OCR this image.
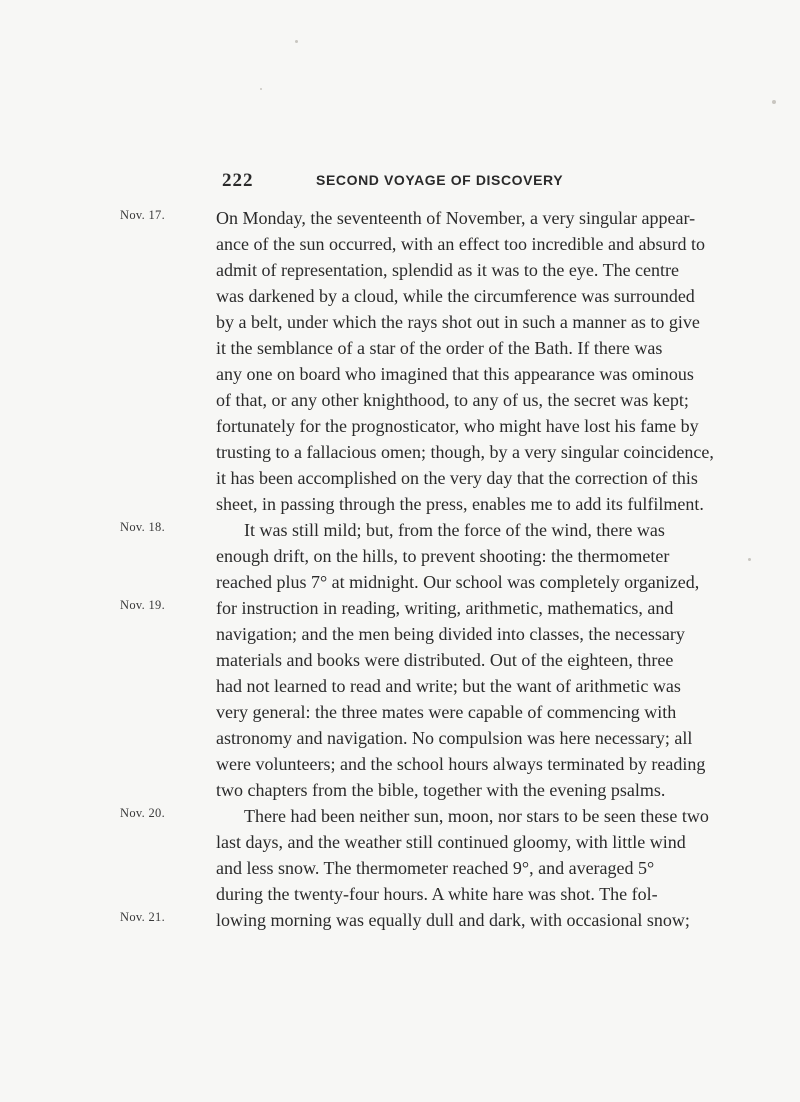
222	SECOND VOYAGE OF DISCOVERY
Nov. 17.
Nov. 18.
Nov. 19.
Nov. 20.
Nov. 21.
On Monday, the seventeenth of November, a very singular appear-
ance of the sun occurred, with an effect too incredible and absurd to
admit of representation, splendid as it was to the eye. The centre
was darkened by a cloud, while the circumference was surrounded
by a belt, under which the rays shot out in such a manner as to give
it the semblance of a star of the order of the Bath. If there was
any one on board who imagined that this appearance was ominous
of that, or any other knighthood, to any of us, the secret was kept;
fortunately for the prognosticator, who might have lost his fame by
trusting to a fallacious omen; though, by a very singular coincidence,
it has been accomplished on the very day that the correction of this
sheet, in passing through the press, enables me to add its fulfilment.
It was still mild; but, from the force of the wind, there was
enough drift, on the hills, to prevent shooting: the thermometer
reached plus 7° at midnight. Our school was completely organized,
for instruction in reading, writing, arithmetic, mathematics, and
navigation; and the men being divided into classes, the necessary
materials and books were distributed. Out of the eighteen, three
had not learned to read and write; but the want of arithmetic was
very general: the three mates were capable of commencing with
astronomy and navigation. No compulsion was here necessary; all
were volunteers; and the school hours always terminated by reading
two chapters from the bible, together with the evening psalms.
There had been neither sun, moon, nor stars to be seen these two
last days, and the weather still continued gloomy, with little wind
and less snow. The thermometer reached 9°, and averaged 5°
during the twenty-four hours. A white hare was shot. The fol-
lowing morning was equally dull and dark, with occasional snow;
